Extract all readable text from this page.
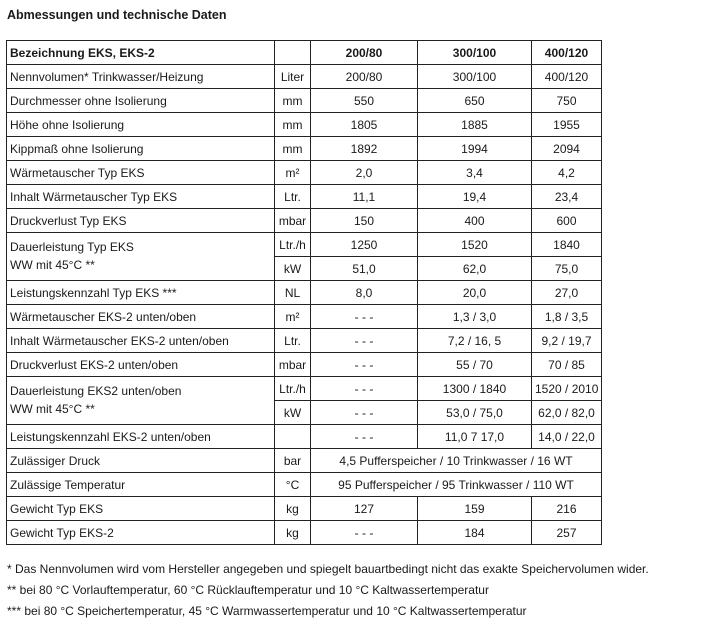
Abmessungen und technische Daten
Bezeichnung EKS, EKS-2		200/80	300/100	400/120
Nennvolumen* Trinkwasser/Heizung	Liter	200/80	300/100	400/120
Durchmesser ohne Isolierung	mm	550	650	750
Höhe ohne Isolierung	mm	1805	1885	1955
Kippmaß ohne Isolierung	mm	1892	1994	2094
Wärmetauscher Typ EKS	m²	2,0	3,4	4,2
Inhalt Wärmetauscher Typ EKS	Ltr.	11,1	19,4	23,4
Druckverlust Typ EKS	mbar	150	400	600
Dauerleistung Typ EKS
WW mit 45°C **	Ltr./h	1250	1520	1840
	kW	51,0	62,0	75,0
Leistungskennzahl Typ EKS ***	NL	8,0	20,0	27,0
Wärmetauscher EKS-2 unten/oben	m²	- - -	1,3 / 3,0	1,8 / 3,5
Inhalt Wärmetauscher EKS-2 unten/oben	Ltr.	- - -	7,2 / 16, 5	9,2 / 19,7
Druckverlust EKS-2 unten/oben	mbar	- - -	55 / 70	70 / 85
Dauerleistung EKS2 unten/oben
WW mit 45°C **	Ltr./h	- - -	1300 / 1840	1520 / 2010
	kW	- - -	53,0 / 75,0	62,0 / 82,0
Leistungskennzahl EKS-2 unten/oben		- - -	11,0 7 17,0	14,0 / 22,0
Zulässiger Druck	bar	4,5 Pufferspeicher / 10 Trinkwasser / 16 WT		
Zulässige Temperatur	°C	95 Pufferspeicher / 95 Trinkwasser / 110 WT		
Gewicht Typ EKS	kg	127	159	216
Gewicht Typ EKS-2	kg	- - -	184	257
* Das Nennvolumen wird vom Hersteller angegeben und spiegelt bauartbedingt nicht das exakte Speichervolumen wider.
** bei 80 °C Vorlauftemperatur, 60 °C Rücklauftemperatur und 10 °C Kaltwassertemperatur
*** bei 80 °C Speichertemperatur, 45 °C Warmwassertemperatur und 10 °C Kaltwassertemperatur
